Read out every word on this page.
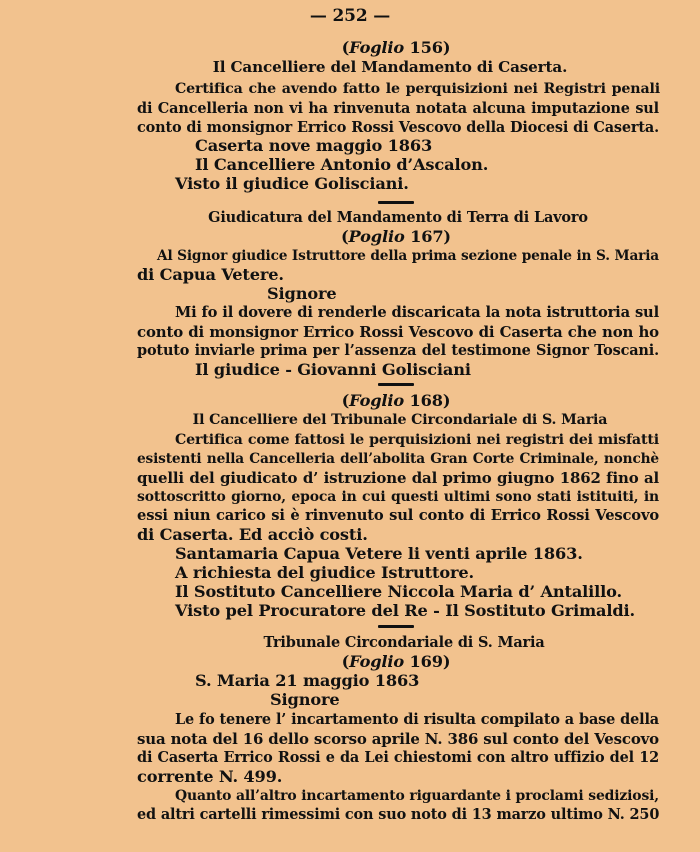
— 252 —
(Foglio 156)
Il Cancelliere del Mandamento di Caserta.
Certifica che avendo fatto le perquisizioni nei Registri penali
di Cancelleria non vi ha rinvenuta notata alcuna imputazione sul
conto di monsignor Errico Rossi Vescovo della Diocesi di Caserta.
Caserta nove maggio 1863
Il Cancelliere Antonio d’Ascalon.
Visto il giudice Golisciani.
Giudicatura del Mandamento di Terra di Lavoro
(Poglio 167)
Al Signor giudice Istruttore della prima sezione penale in S. Maria
di Capua Vetere.
Signore
Mi fo il dovere di renderle discaricata la nota istruttoria sul
conto di monsignor Errico Rossi Vescovo di Caserta che non ho
potuto inviarle prima per l’assenza del testimone Signor Toscani.
Il giudice - Giovanni Golisciani
(Foglio 168)
Il Cancelliere del Tribunale Circondariale di S. Maria
Certifica come fattosi le perquisizioni nei registri dei misfatti
esistenti nella Cancelleria dell’abolita Gran Corte Criminale, nonchè
quelli del giudicato d’ istruzione dal primo giugno 1862 fino al
sottoscritto giorno, epoca in cui questi ultimi sono stati istituiti, in
essi niun carico si è rinvenuto sul conto di Errico Rossi Vescovo
di Caserta. Ed acciò costi.
Santamaria Capua Vetere li venti aprile 1863.
A richiesta del giudice Istruttore.
Il Sostituto Cancelliere Niccola Maria d’ Antalillo.
Visto pel Procuratore del Re - Il Sostituto Grimaldi.
Tribunale Circondariale di S. Maria
(Foglio 169)
S. Maria 21 maggio 1863
Signore
Le fo tenere l’ incartamento di risulta compilato a base della
sua nota del 16 dello scorso aprile N. 386 sul conto del Vescovo
di Caserta Errico Rossi e da Lei chiestomi con altro uffizio del 12
corrente N. 499.
Quanto all’altro incartamento riguardante i proclami sediziosi,
ed altri cartelli rimessimi con suo noto di 13 marzo ultimo N. 250
